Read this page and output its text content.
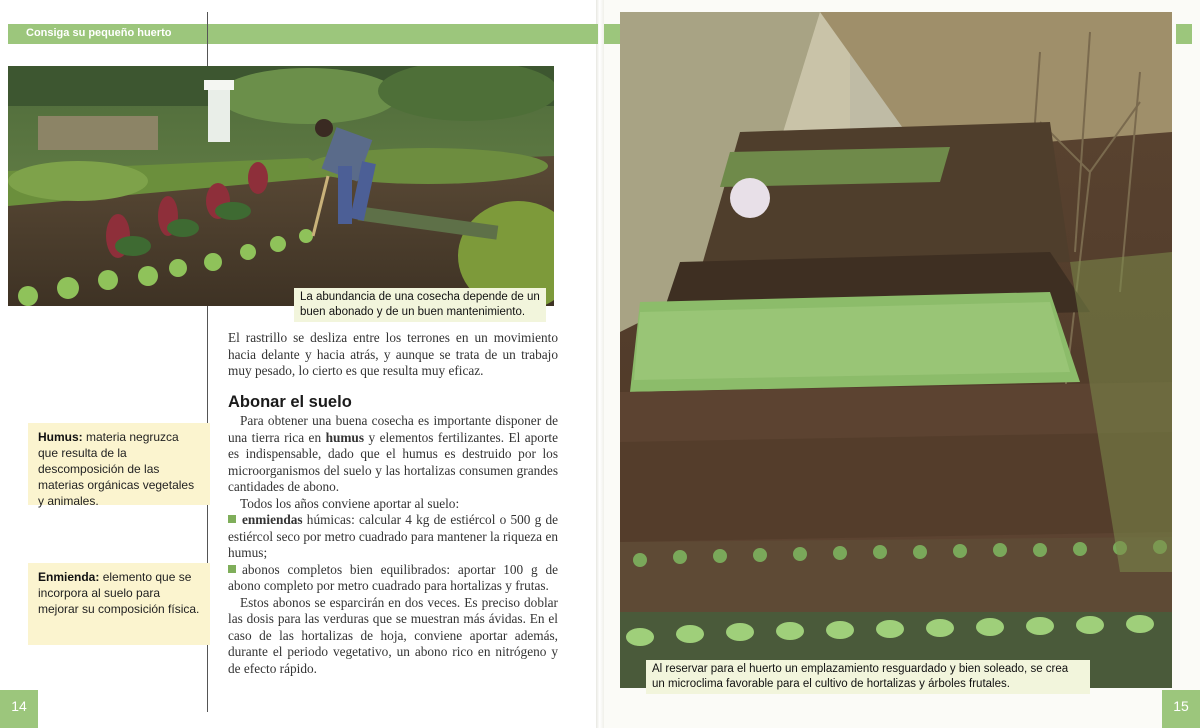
Consiga su pequeño huerto
La abundancia de una cosecha depende de un buen abonado y de un buen mantenimiento.
Al reservar para el huerto un emplazamiento resguardado y bien soleado, se crea un microclima favorable para el cultivo de hortalizas y árboles frutales.
Humus: materia negruzca que resulta de la descomposición de las materias orgánicas vegetales y animales.
Enmienda: elemento que se incorpora al suelo para mejorar su composición física.
El rastrillo se desliza entre los terrones en un movimiento hacia delante y hacia atrás, y aunque se trata de un trabajo muy pesado, lo cierto es que resulta muy eficaz.
Abonar el suelo

Para obtener una buena cosecha es importante disponer de una tierra rica en humus y elementos fertilizantes. El aporte es indispensable, dado que el humus es destruido por los microorganismos del suelo y las hortalizas consumen grandes cantidades de abono.

Todos los años conviene aportar al suelo:

enmiendas húmicas: calcular 4 kg de estiércol o 500 g de estiércol seco por metro cuadrado para mantener la riqueza en humus;

abonos completos bien equilibrados: aportar 100 g de abono completo por metro cuadrado para hortalizas y frutas.

Estos abonos se esparcirán en dos veces. Es preciso doblar las dosis para las verduras que se muestran más ávidas. En el caso de las hortalizas de hoja, conviene aportar además, durante el periodo vegetativo, un abono rico en nitrógeno y de efecto rápido.

14	15
